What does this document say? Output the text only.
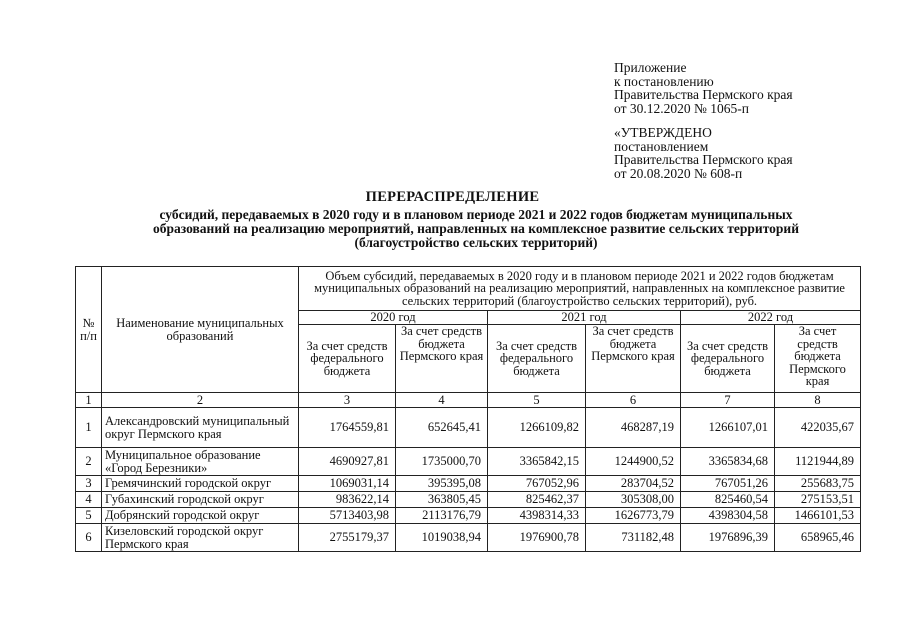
Приложение
к постановлению
Правительства Пермского края
от 30.12.2020 № 1065-п
«УТВЕРЖДЕНО
постановлением
Правительства Пермского края
от 20.08.2020 № 608-п
ПЕРЕРАСПРЕДЕЛЕНИЕ
субсидий, передаваемых в 2020 году и в плановом периоде 2021 и 2022 годов бюджетам муниципальных
образований на реализацию мероприятий, направленных на комплексное развитие сельских территорий
(благоустройство сельских территорий)
№ п/п	Наименование муниципальных образований	Объем субсидий, передаваемых в 2020 году и в плановом периоде 2021 и 2022 годов бюджетам муниципальных образований на реализацию мероприятий, направленных на комплексное развитие сельских территорий (благоустройство сельских территорий), руб.					
		2020 год		2021 год		2022 год	
		За счет средств федерального бюджета	За счет средств бюджета Пермского края	За счет средств федерального бюджета	За счет средств бюджета Пермского края	За счет средств федерального бюджета	За счет средств бюджета Пермского края
1	2	3	4	5	6	7	8
1	Александровский муниципальный округ Пермского края	1764559,81	652645,41	1266109,82	468287,19	1266107,01	422035,67
2	Муниципальное образование «Город Березники»	4690927,81	1735000,70	3365842,15	1244900,52	3365834,68	1121944,89
3	Гремячинский городской округ	1069031,14	395395,08	767052,96	283704,52	767051,26	255683,75
4	Губахинский городской округ	983622,14	363805,45	825462,37	305308,00	825460,54	275153,51
5	Добрянский городской округ	5713403,98	2113176,79	4398314,33	1626773,79	4398304,58	1466101,53
6	Кизеловский городской округ Пермского края	2755179,37	1019038,94	1976900,78	731182,48	1976896,39	658965,46
